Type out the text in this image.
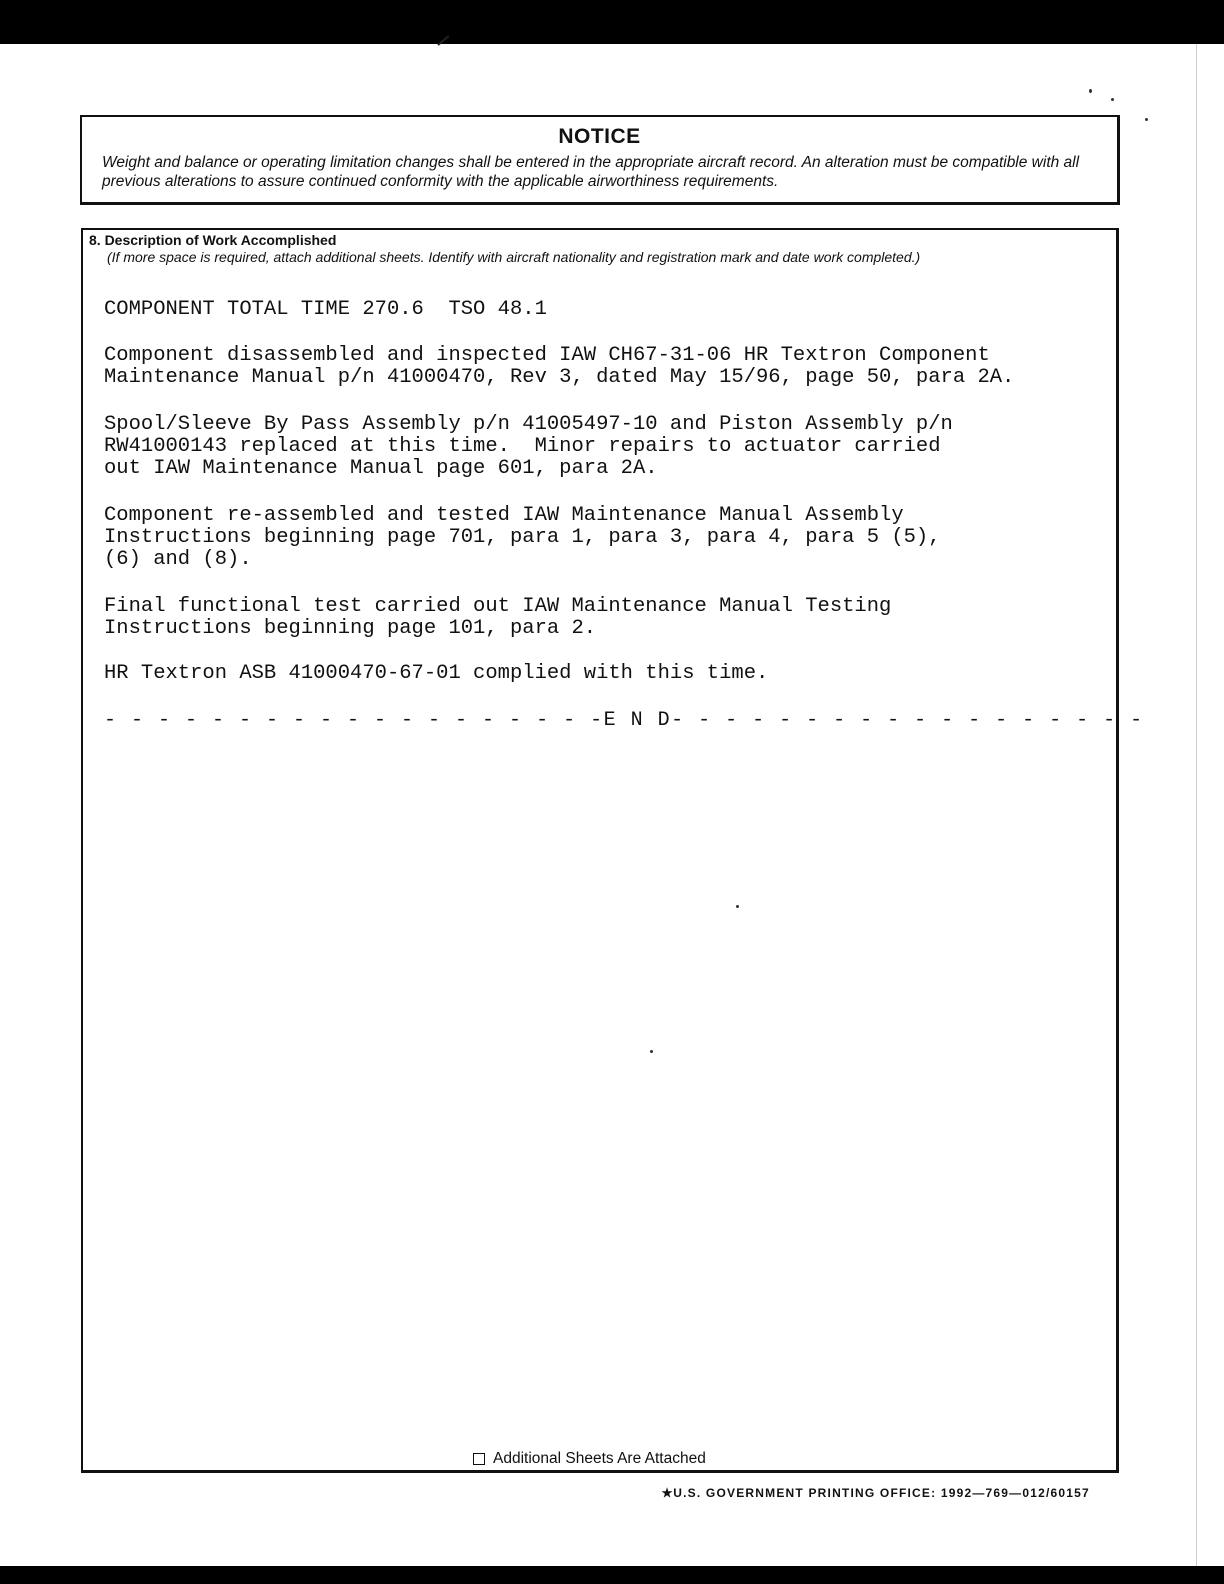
NOTICE
Weight and balance or operating limitation changes shall be entered in the appropriate aircraft record. An alteration must be compatible with all previous alterations to assure continued conformity with the applicable airworthiness requirements.
8. Description of Work Accomplished
(If more space is required, attach additional sheets. Identify with aircraft nationality and registration mark and date work completed.)
COMPONENT TOTAL TIME 270.6  TSO 48.1
Component disassembled and inspected IAW CH67-31-06 HR Textron Component
Maintenance Manual p/n 41000470, Rev 3, dated May 15/96, page 50, para 2A.
Spool/Sleeve By Pass Assembly p/n 41005497-10 and Piston Assembly p/n
RW41000143 replaced at this time.  Minor repairs to actuator carried
out IAW Maintenance Manual page 601, para 2A.
Component re-assembled and tested IAW Maintenance Manual Assembly
Instructions beginning page 701, para 1, para 3, para 4, para 5 (5),
(6) and (8).
Final functional test carried out IAW Maintenance Manual Testing
Instructions beginning page 101, para 2.
HR Textron ASB 41000470-67-01 complied with this time.
- - - - - - - - - - - - - - - - - - -E N D- - - - - - - - - - - - - - - - - -
Additional Sheets Are Attached
✭U.S. GOVERNMENT PRINTING OFFICE: 1992—769—012/60157
